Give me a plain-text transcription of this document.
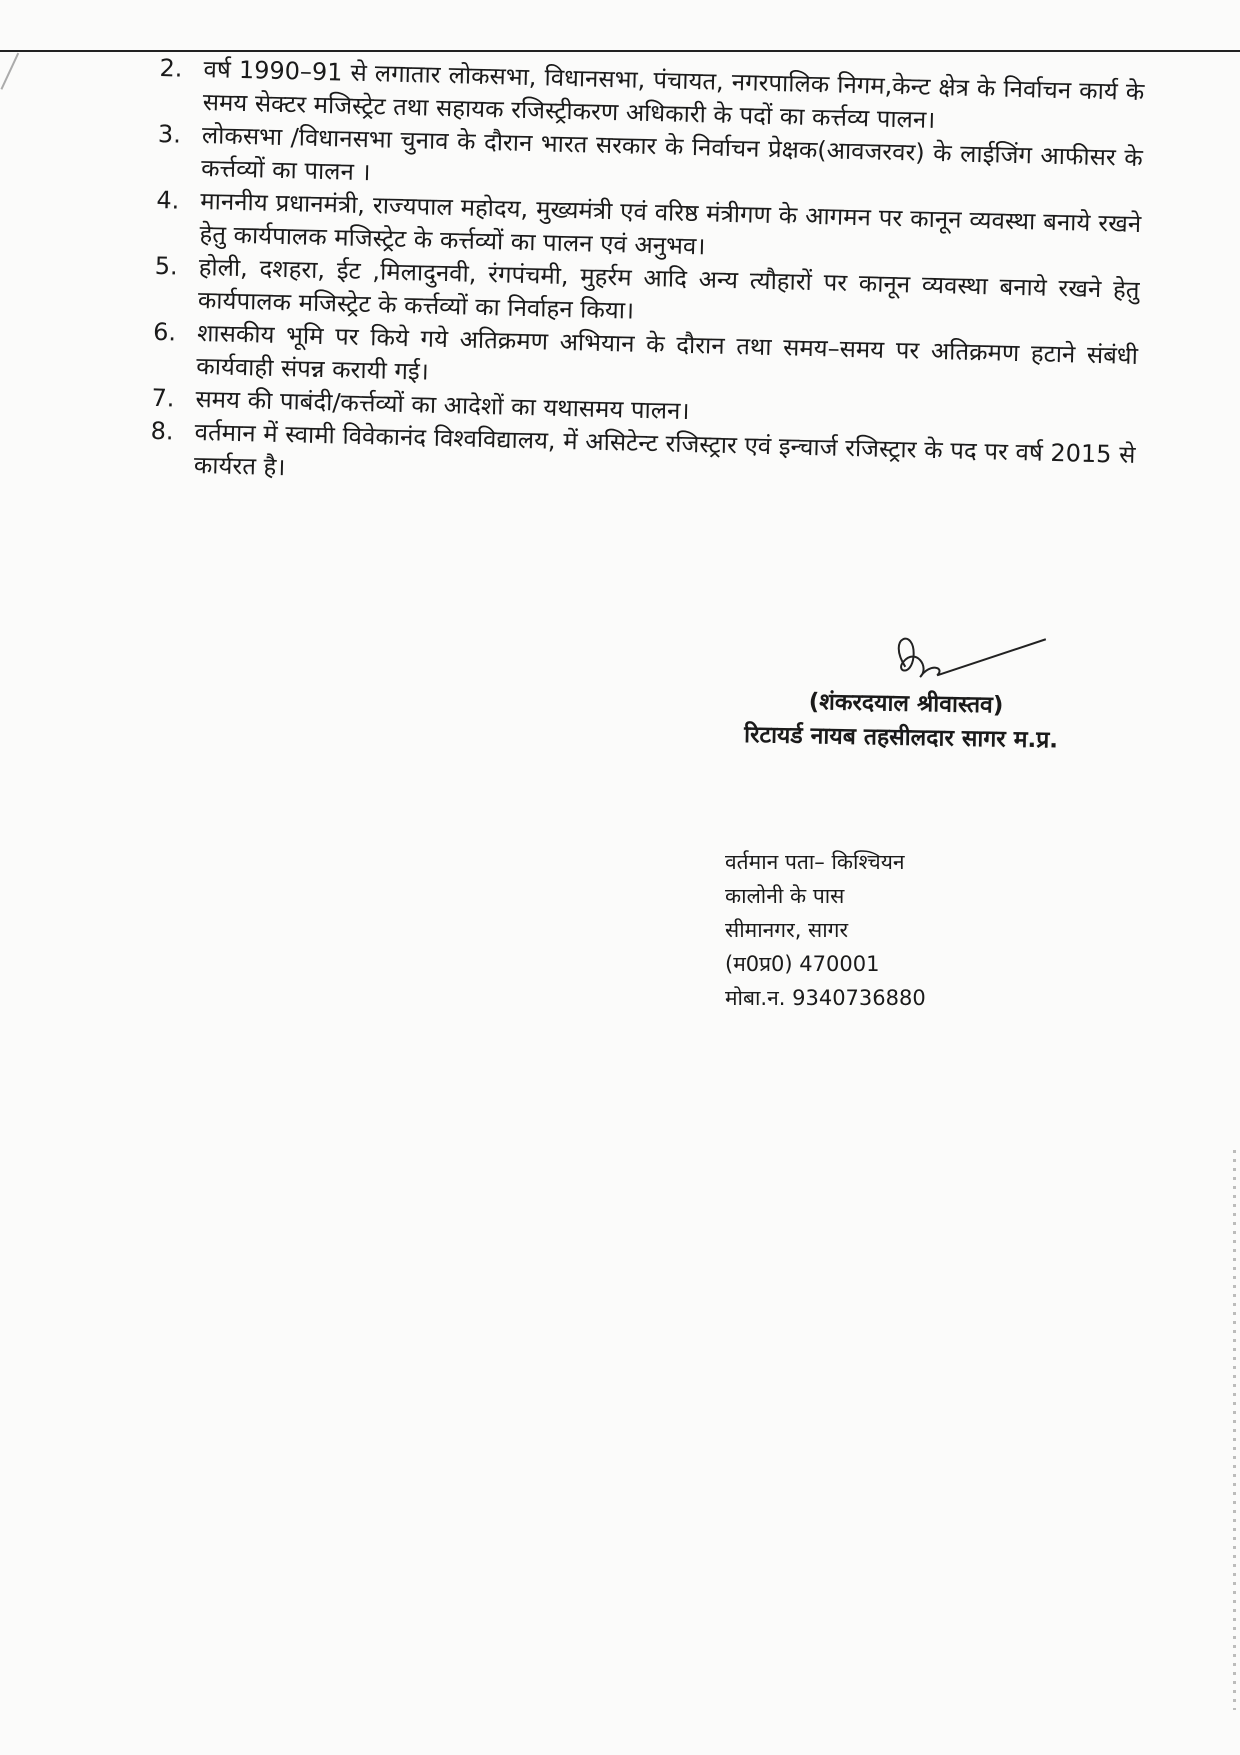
2. वर्ष 1990–91 से लगातार लोकसभा, विधानसभा, पंचायत, नगरपालिक निगम,केन्ट क्षेत्र के निर्वाचन कार्य के समय सेक्टर मजिस्ट्रेट तथा सहायक रजिस्ट्रीकरण अधिकारी के पदों का कर्त्तव्य पालन।
3. लोकसभा /विधानसभा चुनाव के दौरान भारत सरकार के निर्वाचन प्रेक्षक(आवजरवर) के लाईजिंग आफीसर के कर्त्तव्यों का पालन ।
4. माननीय प्रधानमंत्री, राज्यपाल महोदय, मुख्यमंत्री एवं वरिष्ठ मंत्रीगण के आगमन पर कानून व्यवस्था बनाये रखने हेतु कार्यपालक मजिस्ट्रेट के कर्त्तव्यों का पालन एवं अनुभव।
5. होली, दशहरा, ईट ,मिलादुनवी, रंगपंचमी, मुहर्रम आदि अन्य त्यौहारों पर कानून व्यवस्था बनाये रखने हेतु कार्यपालक मजिस्ट्रेट के कर्त्तव्यों का निर्वाहन किया।
6. शासकीय भूमि पर किये गये अतिक्रमण अभियान के दौरान तथा समय–समय पर अतिक्रमण हटाने संबंधी कार्यवाही संपन्न करायी गई।
7. समय की पाबंदी/कर्त्तव्यों का आदेशों का यथासमय पालन।
8. वर्तमान में स्वामी विवेकानंद विश्वविद्यालय, में असिटेन्ट रजिस्ट्रार एवं इन्चार्ज रजिस्ट्रार के पद पर वर्ष 2015 से कार्यरत है।
(शंकरदयाल श्रीवास्तव)
रिटायर्ड नायब तहसीलदार सागर म.प्र.
वर्तमान पता– किश्चियन
कालोनी के पास
सीमानगर, सागर
(म0प्र0) 470001
मोबा.न. 9340736880
